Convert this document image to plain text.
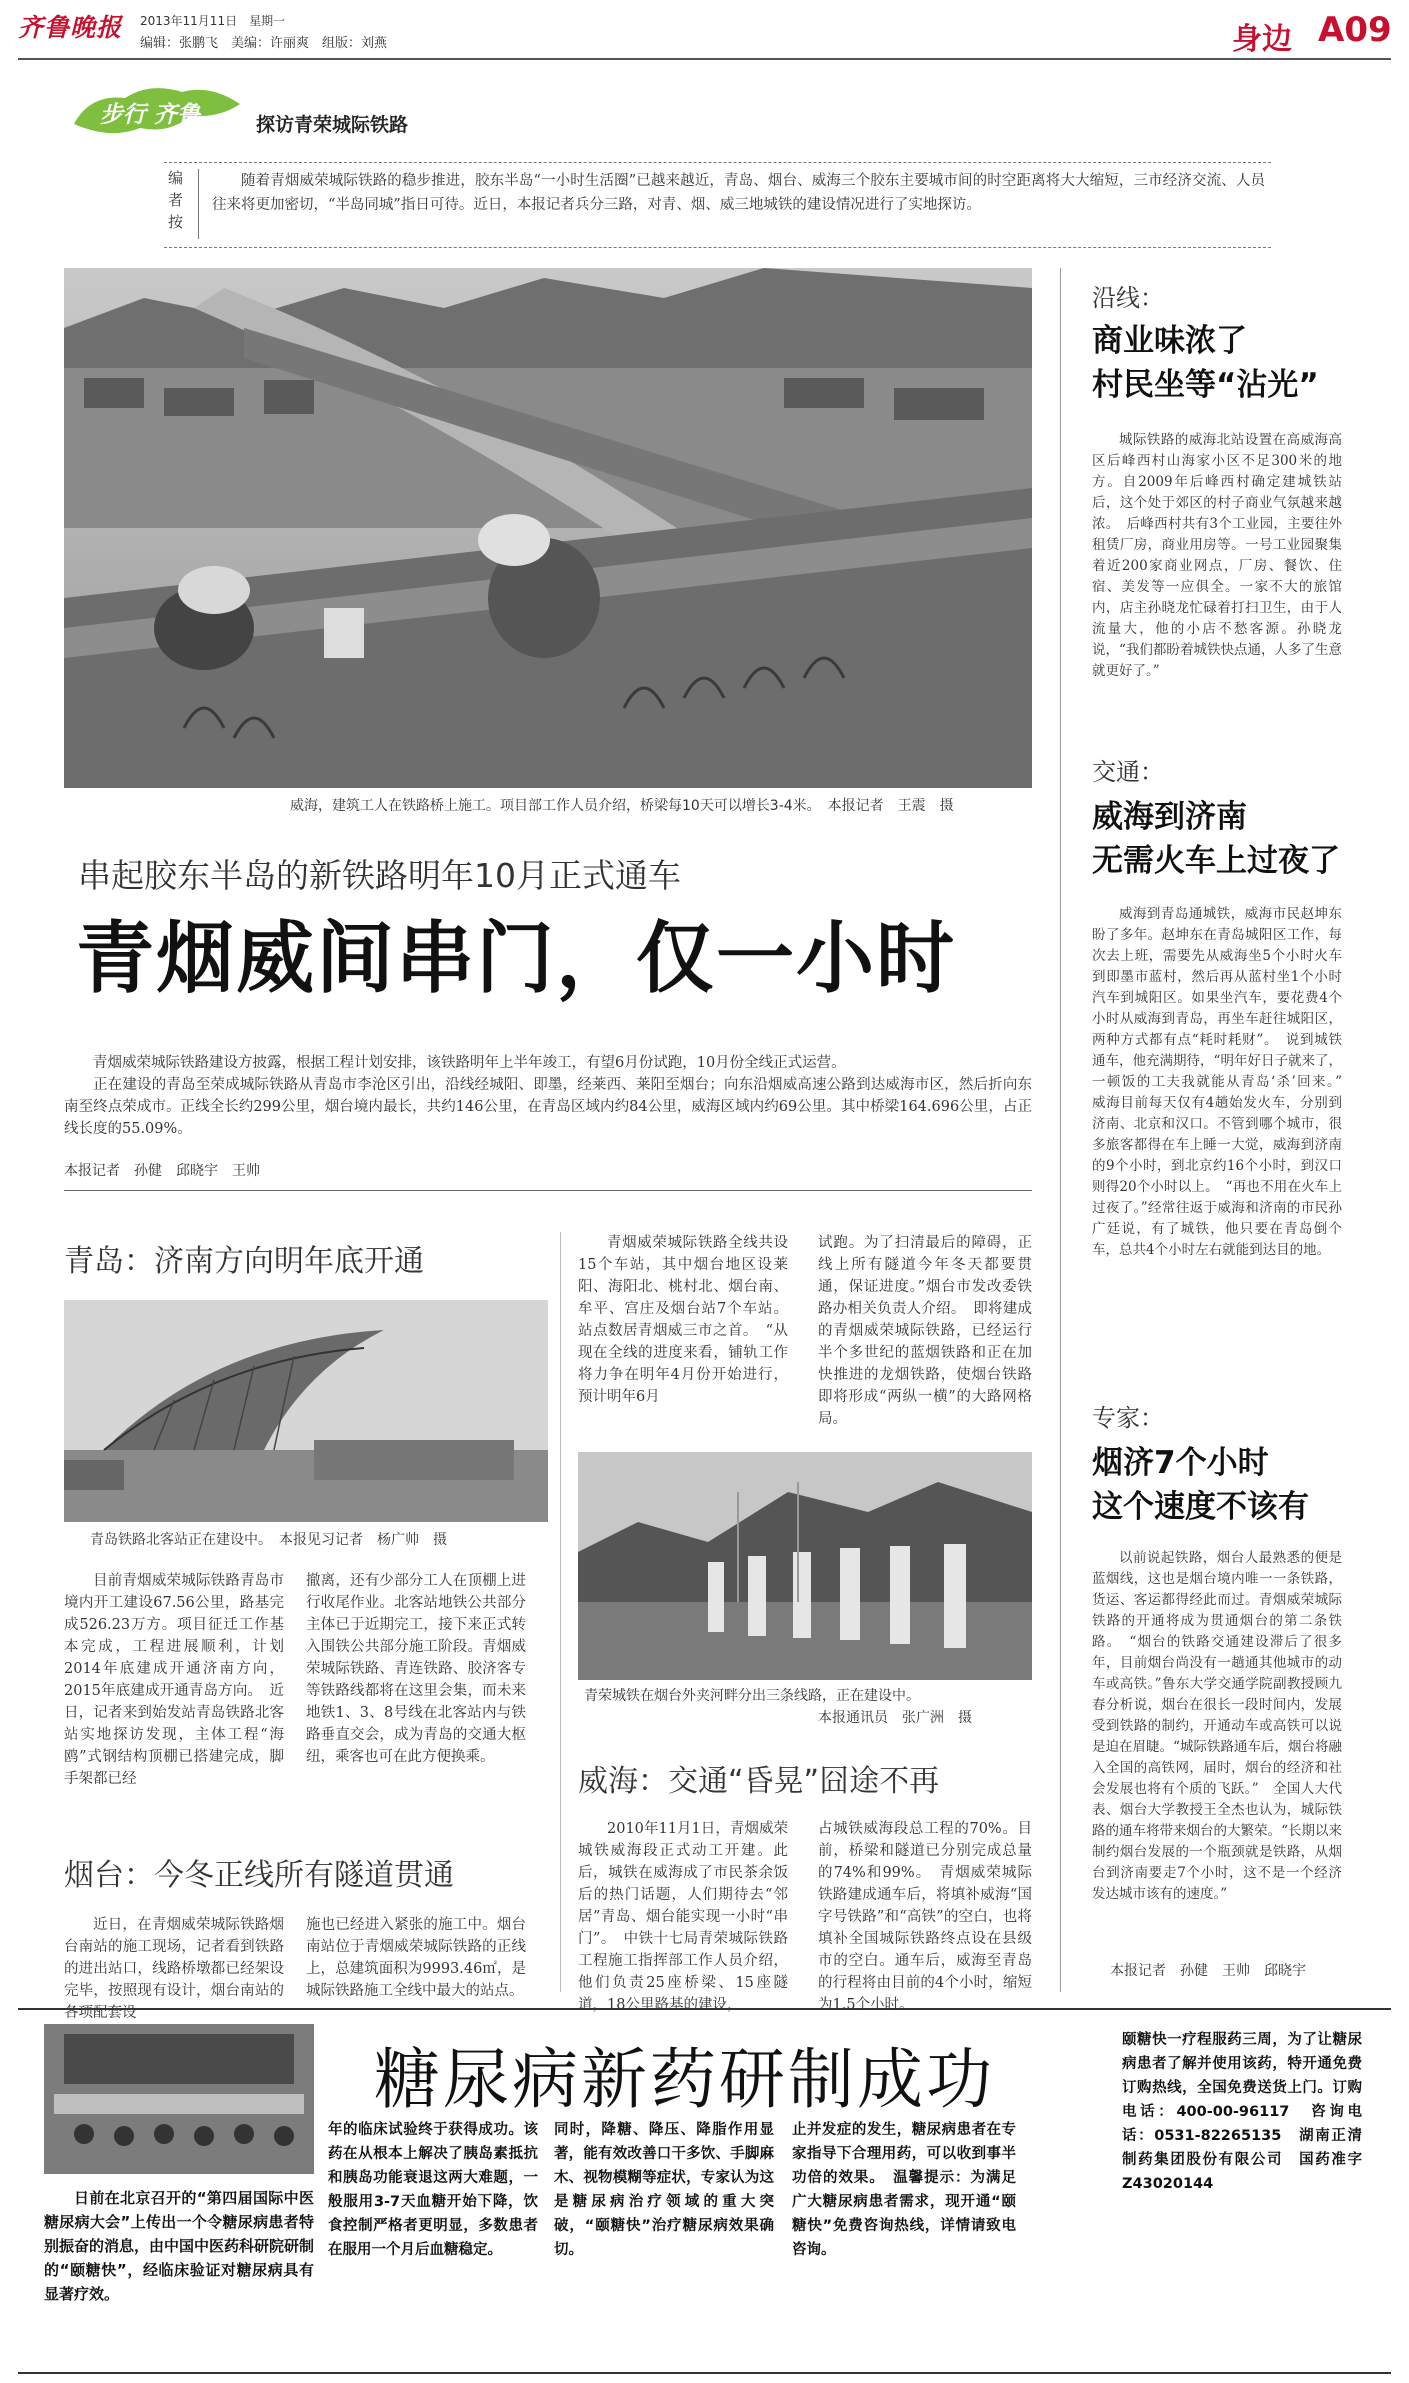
齐鲁晚报	2013年11月11日　星期一
编辑：张鹏飞　美编：许丽爽　组版：刘燕	身边 A09
步行 齐鲁	探访青荣城际铁路
编者按
随着青烟威荣城际铁路的稳步推进，胶东半岛“一小时生活圈”已越来越近，青岛、烟台、威海三个胶东主要城市间的时空距离将大大缩短，三市经济交流、人员往来将更加密切，“半岛同城”指日可待。近日，本报记者兵分三路，对青、烟、威三地城铁的建设情况进行了实地探访。
威海，建筑工人在铁路桥上施工。项目部工作人员介绍，桥梁每10天可以增长3-4米。　本报记者　王震　摄
串起胶东半岛的新铁路明年10月正式通车
青烟威间串门，仅一小时

青烟威荣城际铁路建设方披露，根据工程计划安排，该铁路明年上半年竣工，有望6月份试跑，10月份全线正式运营。

正在建设的青岛至荣成城际铁路从青岛市李沧区引出，沿线经城阳、即墨，经莱西、莱阳至烟台；向东沿烟威高速公路到达威海市区，然后折向东南至终点荣成市。正线全长约299公里，烟台境内最长，共约146公里，在青岛区域内约84公里，威海区域内约69公里。其中桥梁164.696公里，占正线长度的55.09%。

本报记者　孙健　邱晓宇　王帅
青岛：济南方向明年底开通
青岛铁路北客站正在建设中。　本报见习记者　杨广帅　摄

目前青烟威荣城际铁路青岛市境内开工建设67.56公里，路基完成526.23万方。项目征迁工作基本完成，工程进展顺利，计划2014年底建成开通济南方向，2015年底建成开通青岛方向。　近日，记者来到始发站青岛铁路北客站实地探访发现，主体工程“海鸥”式钢结构顶棚已搭建完成，脚手架都已经

撤离，还有少部分工人在顶棚上进行收尾作业。北客站地铁公共部分主体已于近期完工，接下来正式转入围铁公共部分施工阶段。青烟威荣城际铁路、青连铁路、胶济客专等铁路线都将在这里会集，而未来地铁1、3、8号线在北客站内与铁路垂直交会，成为青岛的交通大枢纽，乘客也可在此方便换乘。

青烟威荣城际铁路全线共设15个车站，其中烟台地区设莱阳、海阳北、桃村北、烟台南、牟平、宫庄及烟台站7个车站。站点数居青烟威三市之首。　“从现在全线的进度来看，铺轨工作将力争在明年4月份开始进行，预计明年6月

试跑。为了扫清最后的障碍，正线上所有隧道今年冬天都要贯通，保证进度。”烟台市发改委铁路办相关负责人介绍。　即将建成的青烟威荣城际铁路，已经运行半个多世纪的蓝烟铁路和正在加快推进的龙烟铁路，使烟台铁路即将形成“两纵一横”的大路网格局。

青荣城铁在烟台外夹河畔分出三条线路，正在建设中。
本报通讯员　张广洲　摄
威海：交通“昏晃”囧途不再

2010年11月1日，青烟威荣城铁威海段正式动工开建。此后，城铁在威海成了市民茶余饭后的热门话题，人们期待去“邻居”青岛、烟台能实现一小时“串门”。　中铁十七局青荣城际铁路工程施工指挥部工作人员介绍，他们负责25座桥梁、15座隧道，18公里路基的建设，

占城铁威海段总工程的70%。目前，桥梁和隧道已分别完成总量的74%和99%。　青烟威荣城际铁路建成通车后，将填补威海“国字号铁路”和“高铁”的空白，也将填补全国城际铁路终点设在县级市的空白。通车后，威海至青岛的行程将由目前的4个小时，缩短为1.5个小时。

烟台：今冬正线所有隧道贯通

近日，在青烟威荣城际铁路烟台南站的施工现场，记者看到铁路的进出站口，线路桥墩都已经架设完毕，按照现有设计，烟台南站的各项配套设

施也已经进入紧张的施工中。烟台南站位于青烟威荣城际铁路的正线上，总建筑面积为9993.46㎡，是城际铁路施工全线中最大的站点。

沿线：
商业味浓了
村民坐等“沾光”

城际铁路的威海北站设置在高威海高区后峰西村山海家小区不足300米的地方。自2009年后峰西村确定建城铁站后，这个处于郊区的村子商业气氛越来越浓。　后峰西村共有3个工业园，主要往外租赁厂房，商业用房等。一号工业园聚集着近200家商业网点，厂房、餐饮、住宿、美发等一应俱全。一家不大的旅馆内，店主孙晓龙忙碌着打扫卫生，由于人流量大，他的小店不愁客源。孙晓龙说，“我们都盼着城铁快点通，人多了生意就更好了。”

交通：
威海到济南
无需火车上过夜了

威海到青岛通城铁，威海市民赵坤东盼了多年。赵坤东在青岛城阳区工作，每次去上班，需要先从威海坐5个小时火车到即墨市蓝村，然后再从蓝村坐1个小时汽车到城阳区。如果坐汽车，要花费4个小时从威海到青岛，再坐车赶往城阳区，两种方式都有点“耗时耗财”。　说到城铁通车，他充满期待，“明年好日子就来了，一顿饭的工夫我就能从青岛‘杀’回来。”　威海目前每天仅有4趟始发火车，分别到济南、北京和汉口。不管到哪个城市，很多旅客都得在车上睡一大觉，威海到济南的9个小时，到北京约16个小时，到汉口则得20个小时以上。　“再也不用在火车上过夜了。”经常往返于威海和济南的市民孙广廷说，有了城铁，他只要在青岛倒个车，总共4个小时左右就能到达目的地。

专家：
烟济7个小时
这个速度不该有

以前说起铁路，烟台人最熟悉的便是蓝烟线，这也是烟台境内唯一一条铁路，货运、客运都得经此而过。青烟威荣城际铁路的开通将成为贯通烟台的第二条铁路。　“烟台的铁路交通建设滞后了很多年，目前烟台尚没有一趟通其他城市的动车或高铁。”鲁东大学交通学院副教授顾九春分析说，烟台在很长一段时间内，发展受到铁路的制约，开通动车或高铁可以说是迫在眉睫。“城际铁路通车后，烟台将融入全国的高铁网，届时，烟台的经济和社会发展也将有个质的飞跃。”　全国人大代表、烟台大学教授王全杰也认为，城际铁路的通车将带来烟台的大繁荣。“长期以来制约烟台发展的一个瓶颈就是铁路，从烟台到济南要走7个小时，这不是一个经济发达城市该有的速度。”

本报记者　孙健　王帅　邱晓宇
糖尿病新药研制成功

日前在北京召开的“第四届国际中医糖尿病大会”上传出一个令糖尿病患者特别振奋的消息，由中国中医药科研院研制的“颐糖快”，经临床验证对糖尿病具有显著疗效。

年的临床试验终于获得成功。该药在从根本上解决了胰岛素抵抗和胰岛功能衰退这两大难题，一般服用3-7天血糖开始下降，饮食控制严格者更明显，多数患者在服用一个月后血糖稳定。

同时，降糖、降压、降脂作用显著，能有效改善口干多饮、手脚麻木、视物模糊等症状，专家认为这是糖尿病治疗领域的重大突破，“颐糖快”治疗糖尿病效果确切。

止并发症的发生，糖尿病患者在专家指导下合理用药，可以收到事半功倍的效果。　温馨提示：为满足广大糖尿病患者需求，现开通“颐糖快”免费咨询热线，详情请致电咨询。

颐糖快一疗程服药三周，为了让糖尿病患者了解并使用该药，特开通免费订购热线，全国免费送货上门。订购电话：400-00-96117　咨询电话：0531-82265135　湖南正清制药集团股份有限公司　国药准字Z43020144
